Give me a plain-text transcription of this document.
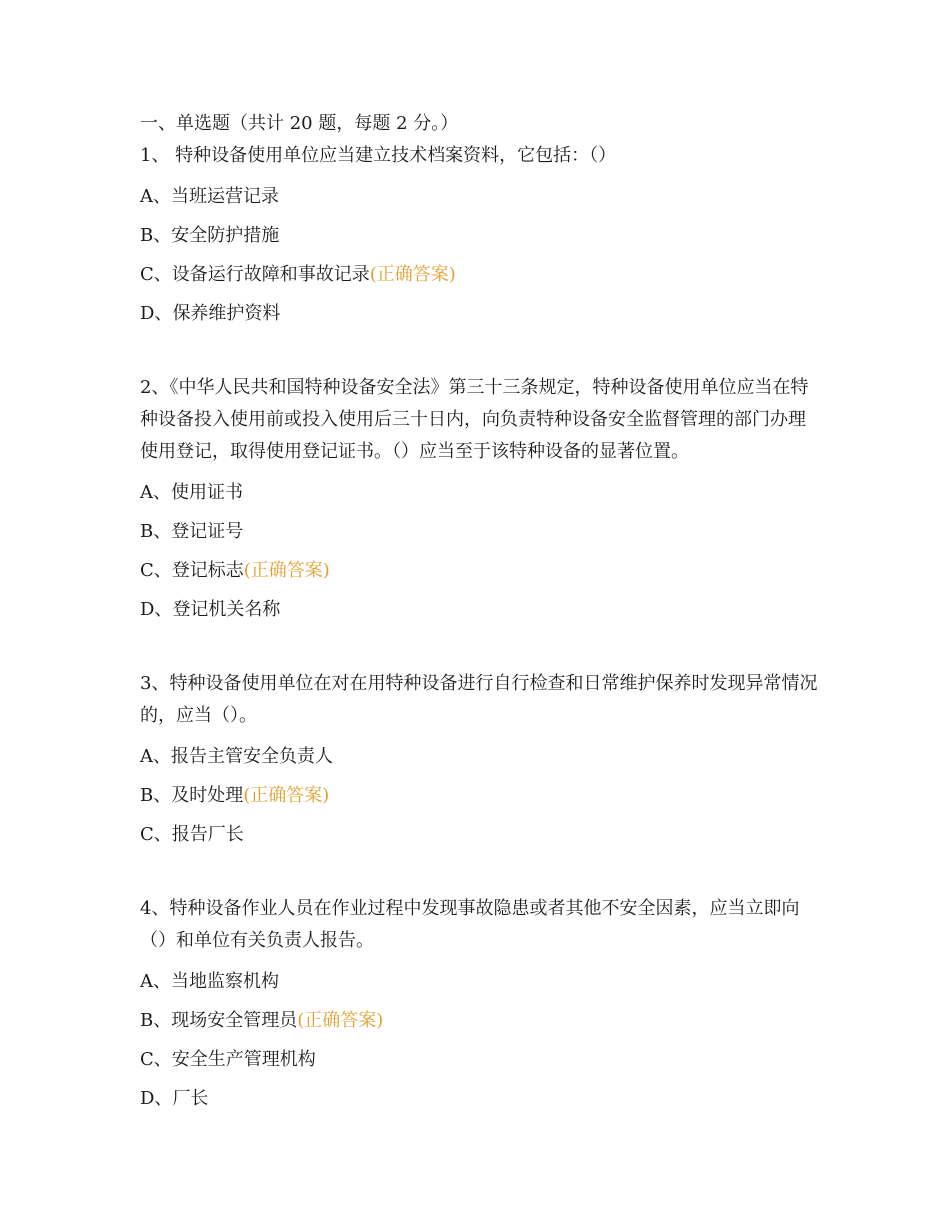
一、单选题（共计 20 题，每题 2 分。）
1、 特种设备使用单位应当建立技术档案资料，它包括：（）
A、当班运营记录
B、安全防护措施
C、设备运行故障和事故记录(正确答案)
D、保养维护资料
2、《中华人民共和国特种设备安全法》第三十三条规定，特种设备使用单位应当在特种设备投入使用前或投入使用后三十日内，向负责特种设备安全监督管理的部门办理使用登记，取得使用登记证书。（）应当至于该特种设备的显著位置。
A、使用证书
B、登记证号
C、登记标志(正确答案)
D、登记机关名称
3、特种设备使用单位在对在用特种设备进行自行检查和日常维护保养时发现异常情况的，应当（）。
A、报告主管安全负责人
B、及时处理(正确答案)
C、报告厂长
4、特种设备作业人员在作业过程中发现事故隐患或者其他不安全因素，应当立即向（）和单位有关负责人报告。
A、当地监察机构
B、现场安全管理员(正确答案)
C、安全生产管理机构
D、厂长
